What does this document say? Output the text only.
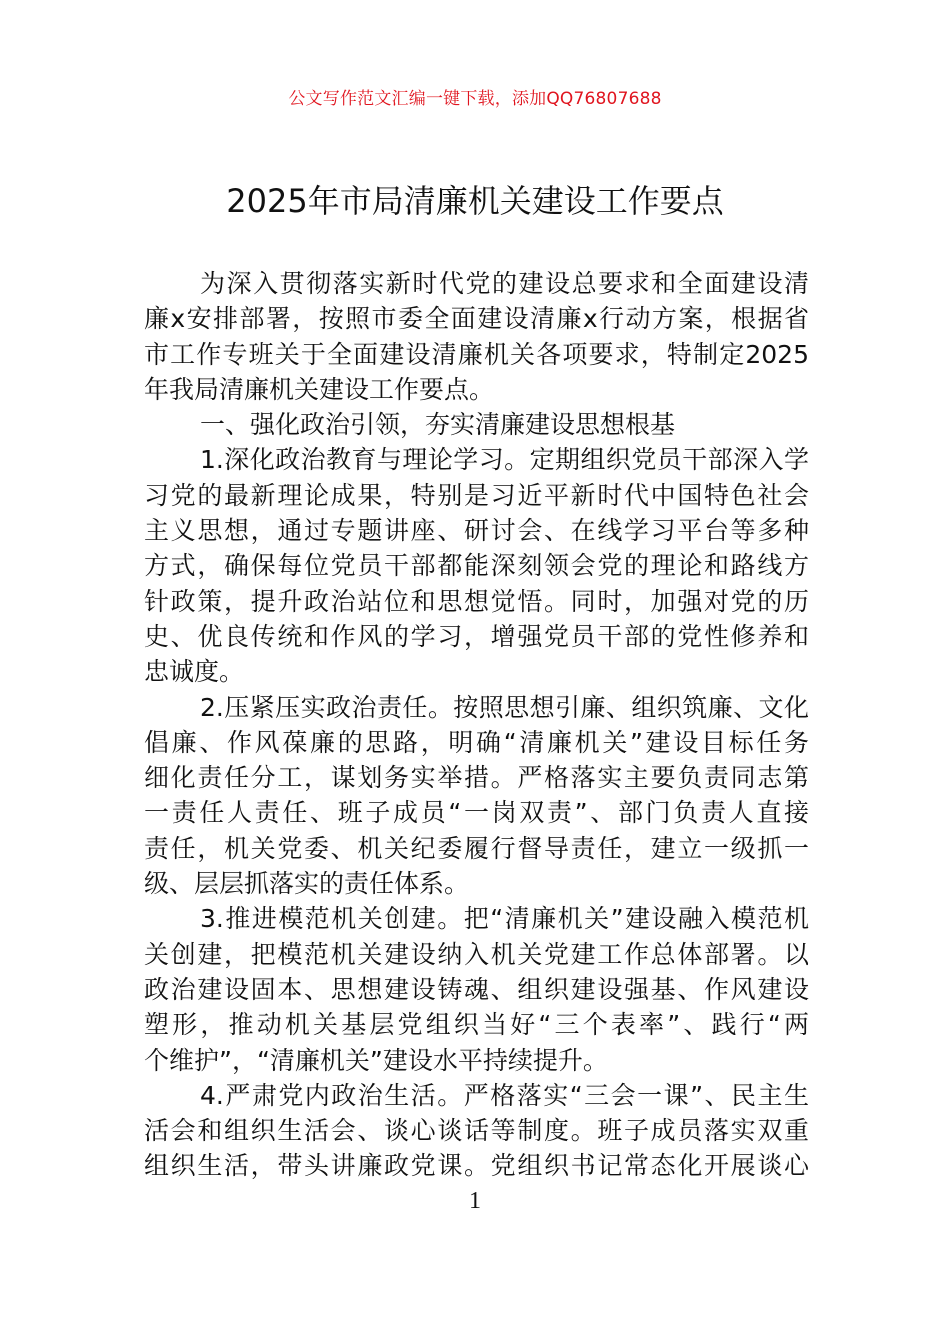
公文写作范文汇编一键下载，添加QQ76807688
2025年市局清廉机关建设工作要点
为深入贯彻落实新时代党的建设总要求和全面建设清
廉x安排部署，按照市委全面建设清廉x行动方案，根据省
市工作专班关于全面建设清廉机关各项要求，特制定2025
年我局清廉机关建设工作要点。
一、强化政治引领，夯实清廉建设思想根基
1.深化政治教育与理论学习。定期组织党员干部深入学
习党的最新理论成果，特别是习近平新时代中国特色社会
主义思想，通过专题讲座、研讨会、在线学习平台等多种
方式，确保每位党员干部都能深刻领会党的理论和路线方
针政策，提升政治站位和思想觉悟。同时，加强对党的历
史、优良传统和作风的学习，增强党员干部的党性修养和
忠诚度。
2.压紧压实政治责任。按照思想引廉、组织筑廉、文化
倡廉、作风葆廉的思路，明确“清廉机关”建设目标任务
细化责任分工，谋划务实举措。严格落实主要负责同志第
一责任人责任、班子成员“一岗双责”、部门负责人直接
责任，机关党委、机关纪委履行督导责任，建立一级抓一
级、层层抓落实的责任体系。
3.推进模范机关创建。把“清廉机关”建设融入模范机
关创建，把模范机关建设纳入机关党建工作总体部署。以
政治建设固本、思想建设铸魂、组织建设强基、作风建设
塑形，推动机关基层党组织当好“三个表率”、践行“两
个维护”，“清廉机关”建设水平持续提升。
4.严肃党内政治生活。严格落实“三会一课”、民主生
活会和组织生活会、谈心谈话等制度。班子成员落实双重
组织生活，带头讲廉政党课。党组织书记常态化开展谈心
1
